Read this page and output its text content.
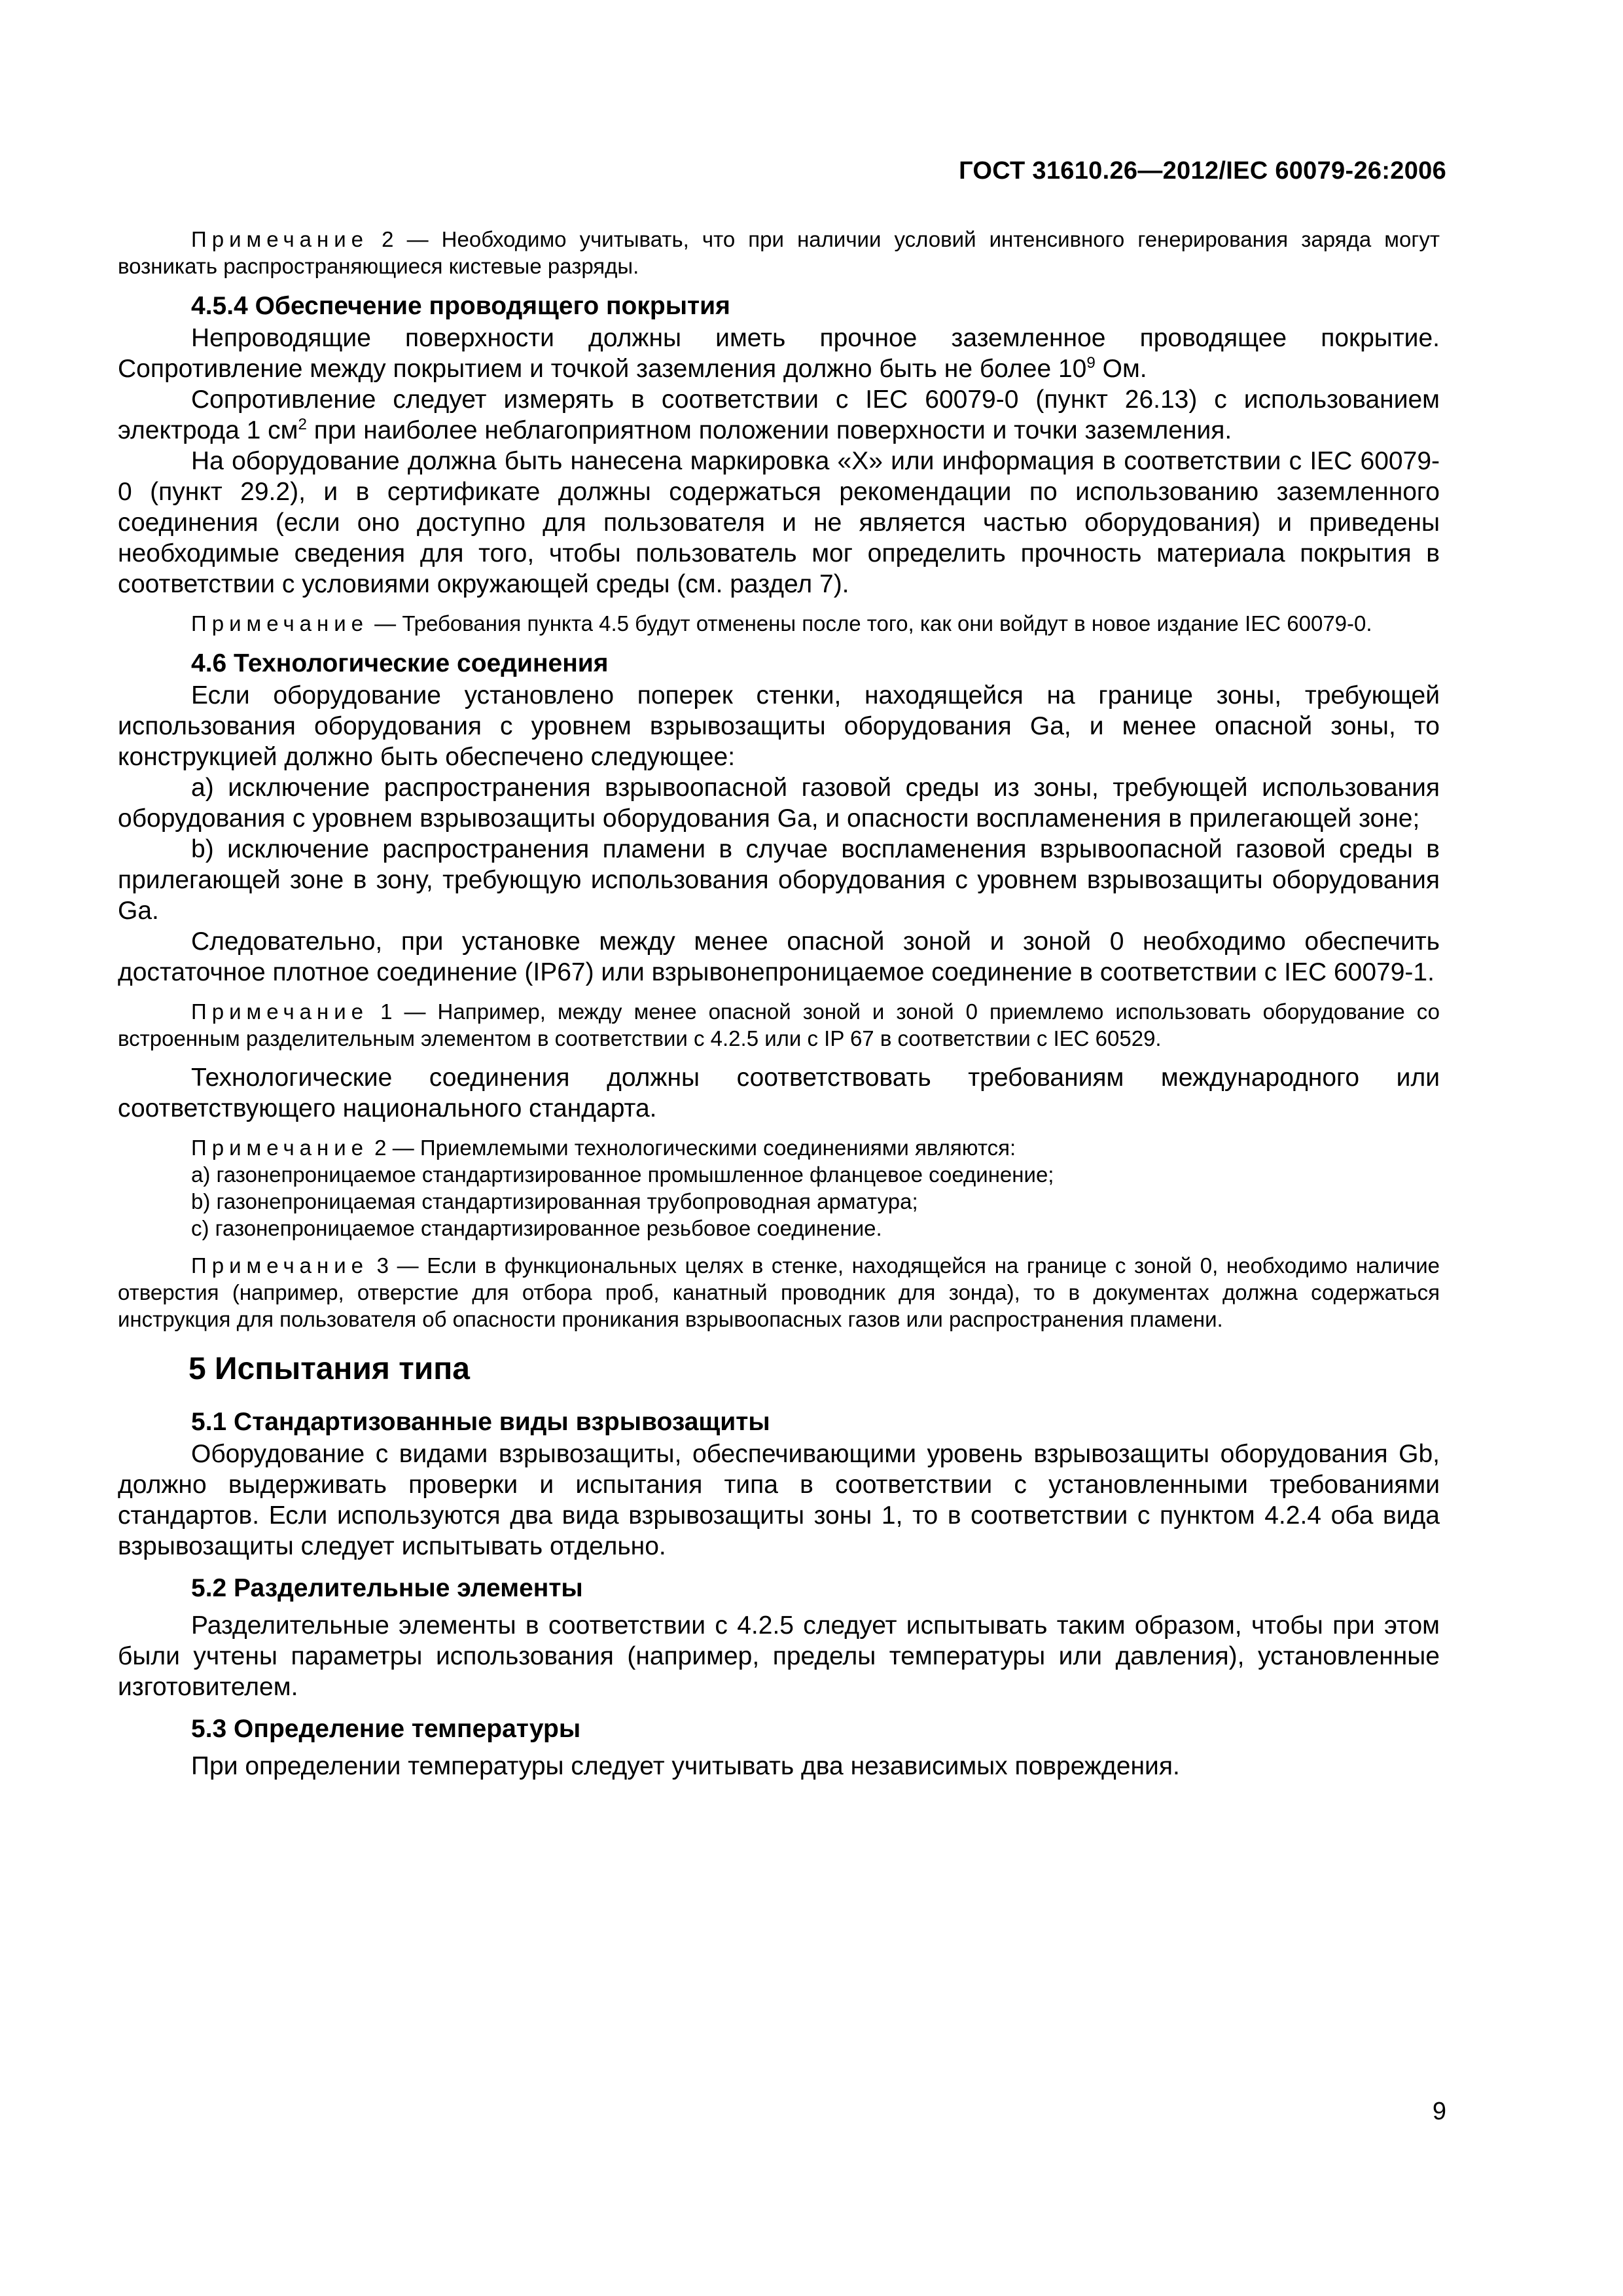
ГОСТ 31610.26—2012/IEC 60079-26:2006

Примечание 2 — Необходимо учитывать, что при наличии условий интенсивного генерирования заряда могут возникать распространяющиеся кистевые разряды.

4.5.4 Обеспечение проводящего покрытия

Непроводящие поверхности должны иметь прочное заземленное проводящее покрытие. Сопротивление между покрытием и точкой заземления должно быть не более $10^9$ Ом.

Сопротивление следует измерять в соответствии с IEC 60079-0 (пункт 26.13) с использованием электрода 1 $см^2$ при наиболее неблагоприятном положении поверхности и точки заземления.

На оборудование должна быть нанесена маркировка «X» или информация в соответствии с IEC 60079-0 (пункт 29.2), и в сертификате должны содержаться рекомендации по использованию заземленного соединения (если оно доступно для пользователя и не является частью оборудования) и приведены необходимые сведения для того, чтобы пользователь мог определить прочность материала покрытия в соответствии с условиями окружающей среды (см. раздел 7).

Примечание — Требования пункта 4.5 будут отменены после того, как они войдут в новое издание IEC 60079-0.

4.6 Технологические соединения

Если оборудование установлено поперек стенки, находящейся на границе зоны, требующей использования оборудования с уровнем взрывозащиты оборудования Ga, и менее опасной зоны, то конструкцией должно быть обеспечено следующее:

a) исключение распространения взрывоопасной газовой среды из зоны, требующей использования оборудования с уровнем взрывозащиты оборудования Ga, и опасности воспламенения в прилегающей зоне;

b) исключение распространения пламени в случае воспламенения взрывоопасной газовой среды в прилегающей зоне в зону, требующую использования оборудования с уровнем взрывозащиты оборудования Ga.

Следовательно, при установке между менее опасной зоной и зоной 0 необходимо обеспечить достаточное плотное соединение (IP67) или взрывонепроницаемое соединение в соответствии с IEC 60079-1.

Примечание 1 — Например, между менее опасной зоной и зоной 0 приемлемо использовать оборудование со встроенным разделительным элементом в соответствии с 4.2.5 или с IP 67 в соответствии с IEC 60529.

Технологические соединения должны соответствовать требованиям международного или соответствующего национального стандарта.

Примечание 2 — Приемлемыми технологическими соединениями являются:

a) газонепроницаемое стандартизированное промышленное фланцевое соединение;

b) газонепроницаемая стандартизированная трубопроводная арматура;

c) газонепроницаемое стандартизированное резьбовое соединение.

Примечание 3 — Если в функциональных целях в стенке, находящейся на границе с зоной 0, необходимо наличие отверстия (например, отверстие для отбора проб, канатный проводник для зонда), то в документах должна содержаться инструкция для пользователя об опасности проникания взрывоопасных газов или распространения пламени.

5 Испытания типа

5.1 Стандартизованные виды взрывозащиты

Оборудование с видами взрывозащиты, обеспечивающими уровень взрывозащиты оборудования Gb, должно выдерживать проверки и испытания типа в соответствии с установленными требованиями стандартов. Если используются два вида взрывозащиты зоны 1, то в соответствии с пунктом 4.2.4 оба вида взрывозащиты следует испытывать отдельно.

5.2 Разделительные элементы

Разделительные элементы в соответствии с 4.2.5 следует испытывать таким образом, чтобы при этом были учтены параметры использования (например, пределы температуры или давления), установленные изготовителем.

5.3 Определение температуры

При определении температуры следует учитывать два независимых повреждения.

9
